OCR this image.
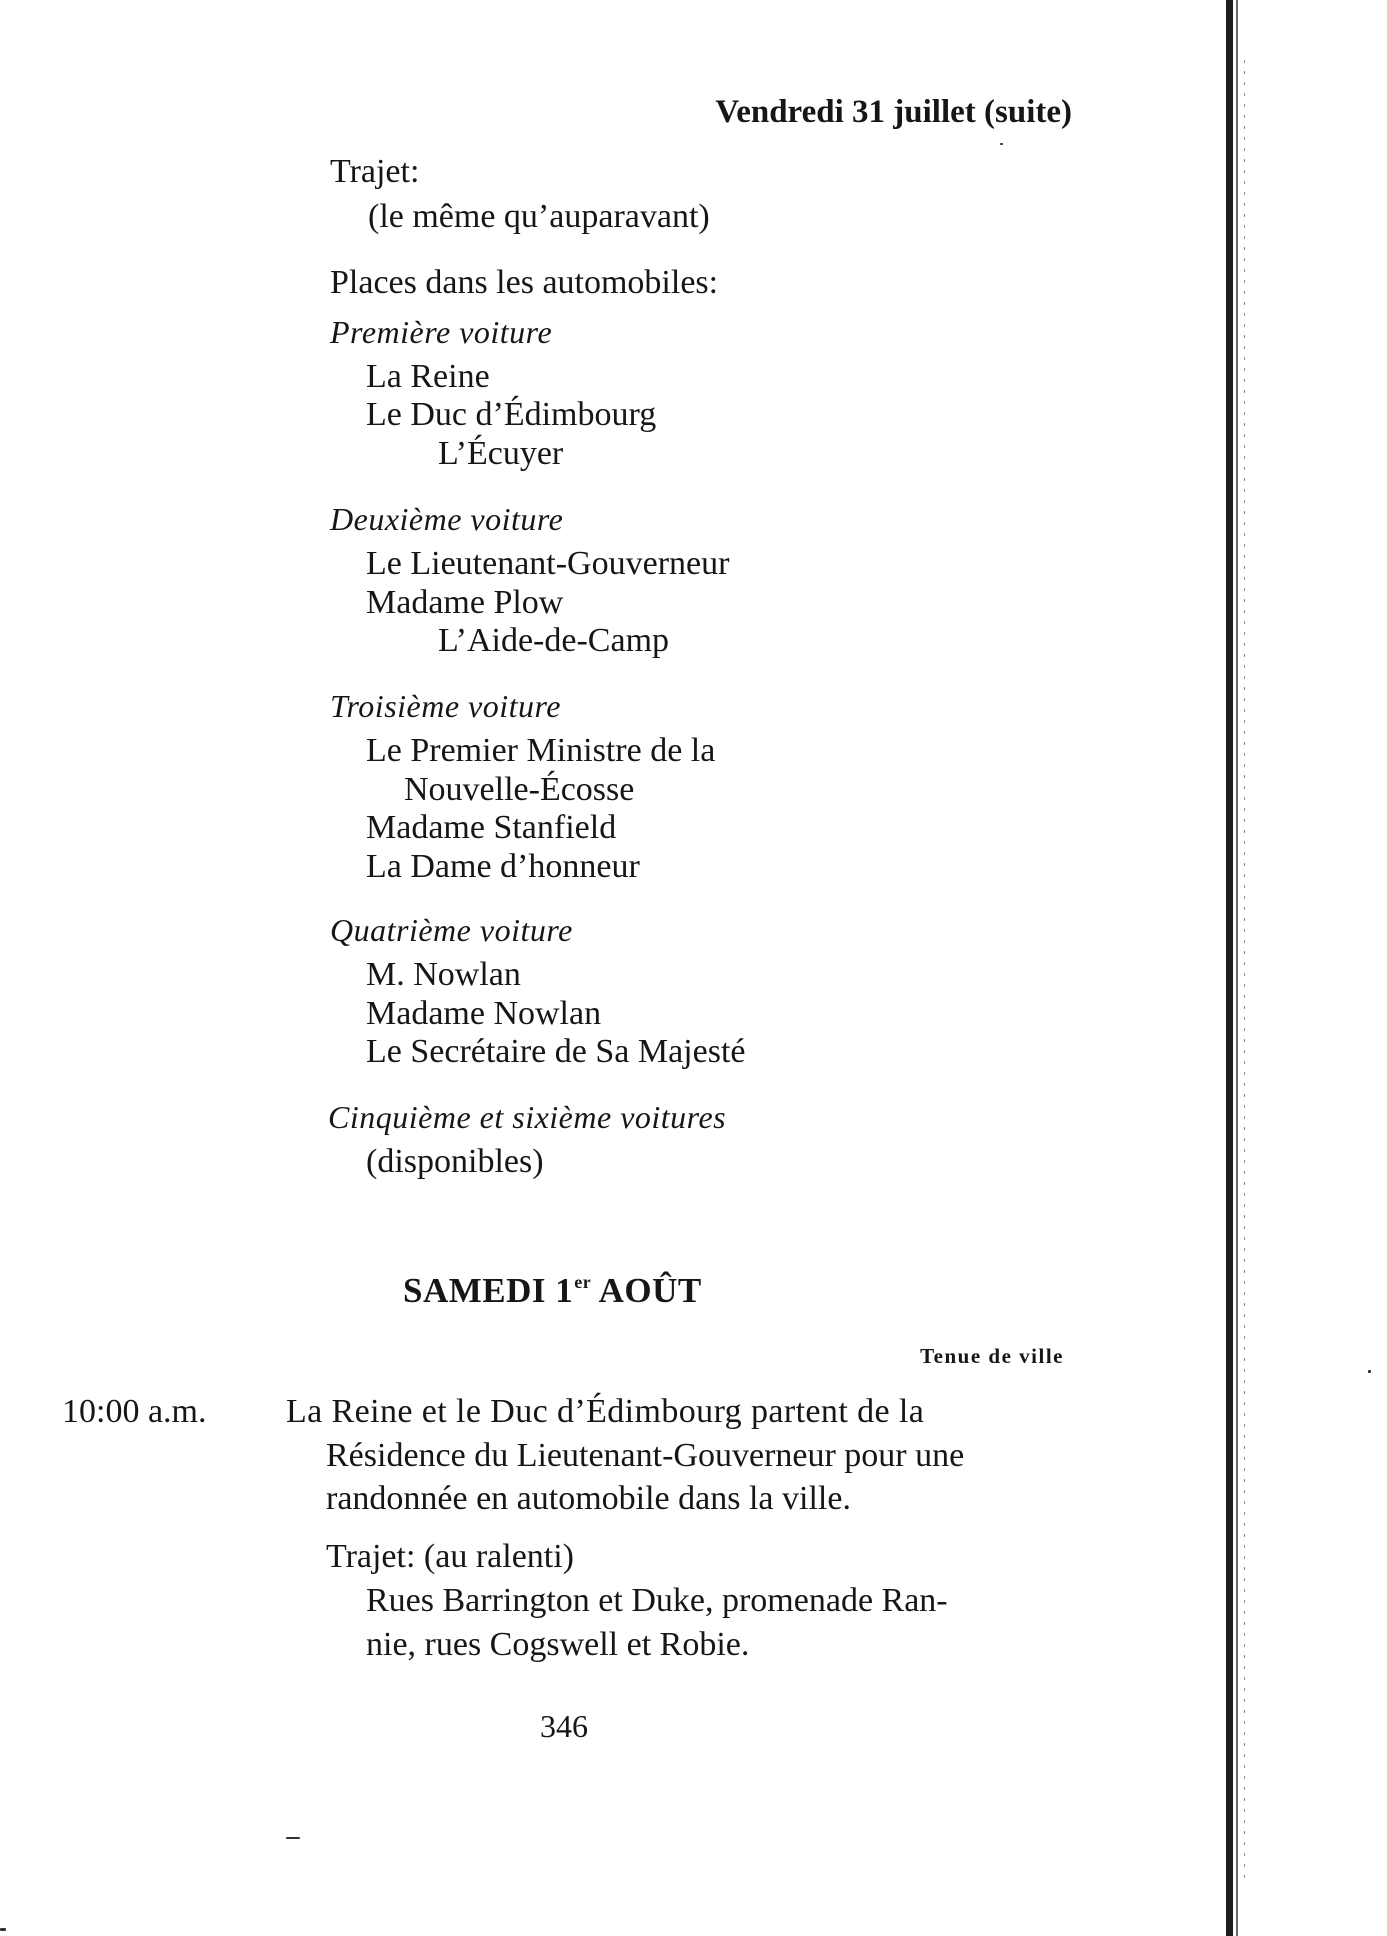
Vendredi 31 juillet (suite)
Trajet:
(le même qu’auparavant)
Places dans les automobiles:
Première voiture
La Reine
Le Duc d’Édimbourg
L’Écuyer
Deuxième voiture
Le Lieutenant-Gouverneur
Madame Plow
L’Aide-de-Camp
Troisième voiture
Le Premier Ministre de la
Nouvelle-Écosse
Madame Stanfield
La Dame d’honneur
Quatrième voiture
M. Nowlan
Madame Nowlan
Le Secrétaire de Sa Majesté
Cinquième et sixième voitures
(disponibles)
SAMEDI 1er AOÛT
Tenue de ville
10:00 a.m. La Reine et le Duc d’Édimbourg partent de la
Résidence du Lieutenant-Gouverneur pour une
randonnée en automobile dans la ville.
Trajet: (au ralenti)
Rues Barrington et Duke, promenade Ran-
nie, rues Cogswell et Robie.
346
